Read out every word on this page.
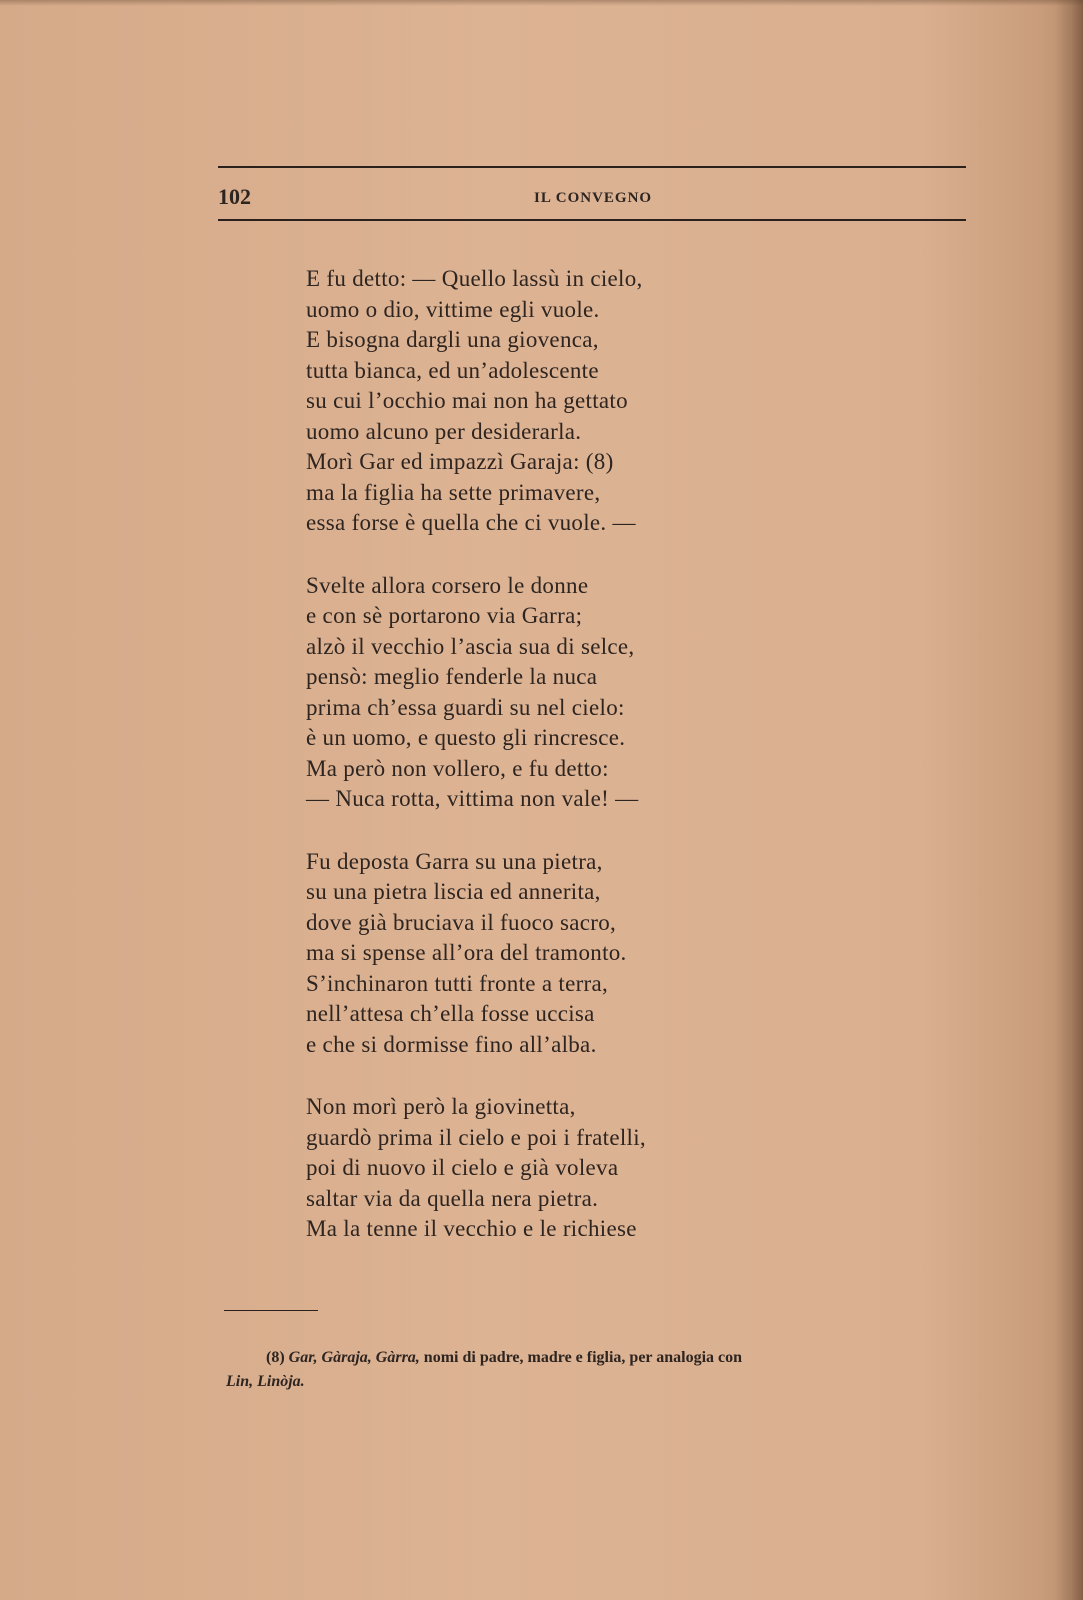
102	IL CONVEGNO
E fu detto: — Quello lassù in cielo,
uomo o dio, vittime egli vuole.
E bisogna dargli una giovenca,
tutta bianca, ed un’adolescente
su cui l’occhio mai non ha gettato
uomo alcuno per desiderarla.
Morì Gar ed impazzì Garaja: (8)
ma la figlia ha sette primavere,
essa forse è quella che ci vuole. —
Svelte allora corsero le donne
e con sè portarono via Garra;
alzò il vecchio l’ascia sua di selce,
pensò: meglio fenderle la nuca
prima ch’essa guardi su nel cielo:
è un uomo, e questo gli rincresce.
Ma però non vollero, e fu detto:
— Nuca rotta, vittima non vale! —
Fu deposta Garra su una pietra,
su una pietra liscia ed annerita,
dove già bruciava il fuoco sacro,
ma si spense all’ora del tramonto.
S’inchinaron tutti fronte a terra,
nell’attesa ch’ella fosse uccisa
e che si dormisse fino all’alba.
Non morì però la giovinetta,
guardò prima il cielo e poi i fratelli,
poi di nuovo il cielo e già voleva
saltar via da quella nera pietra.
Ma la tenne il vecchio e le richiese
(8) Gar, Gàraja, Gàrra, nomi di padre, madre e figlia, per analogia con
Lin, Linòja.
